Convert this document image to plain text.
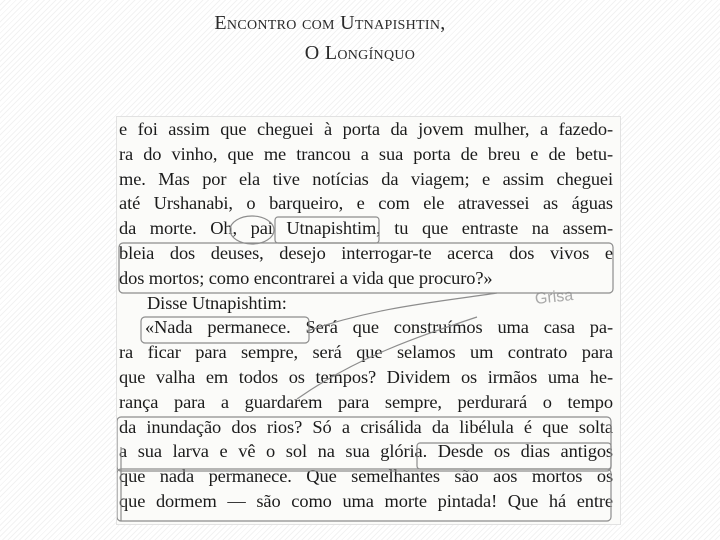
Encontro com Utnapishtin,
O Longínquo
e foi assim que cheguei à porta da jovem mulher, a fazedo-
ra do vinho, que me trancou a sua porta de breu e de betu-
me. Mas por ela tive notícias da viagem; e assim cheguei
até Urshanabi, o barqueiro, e com ele atravessei as águas
da morte. Oh, pai Utnapishtim, tu que entraste na assem-
bleia dos deuses, desejo interrogar-te acerca dos vivos e
dos mortos; como encontrarei a vida que procuro?»
Disse Utnapishtim:
«Nada permanece. Será que construímos uma casa pa-
ra ficar para sempre, será que selamos um contrato para
que valha em todos os tempos? Dividem os irmãos uma he-
rança para a guardarem para sempre, perdurará o tempo
da inundação dos rios? Só a crisálida da libélula é que solta
a sua larva e vê o sol na sua glória. Desde os dias antigos
que nada permanece. Que semelhantes são aos mortos os
que dormem — são como uma morte pintada! Que há entre
Grisa
